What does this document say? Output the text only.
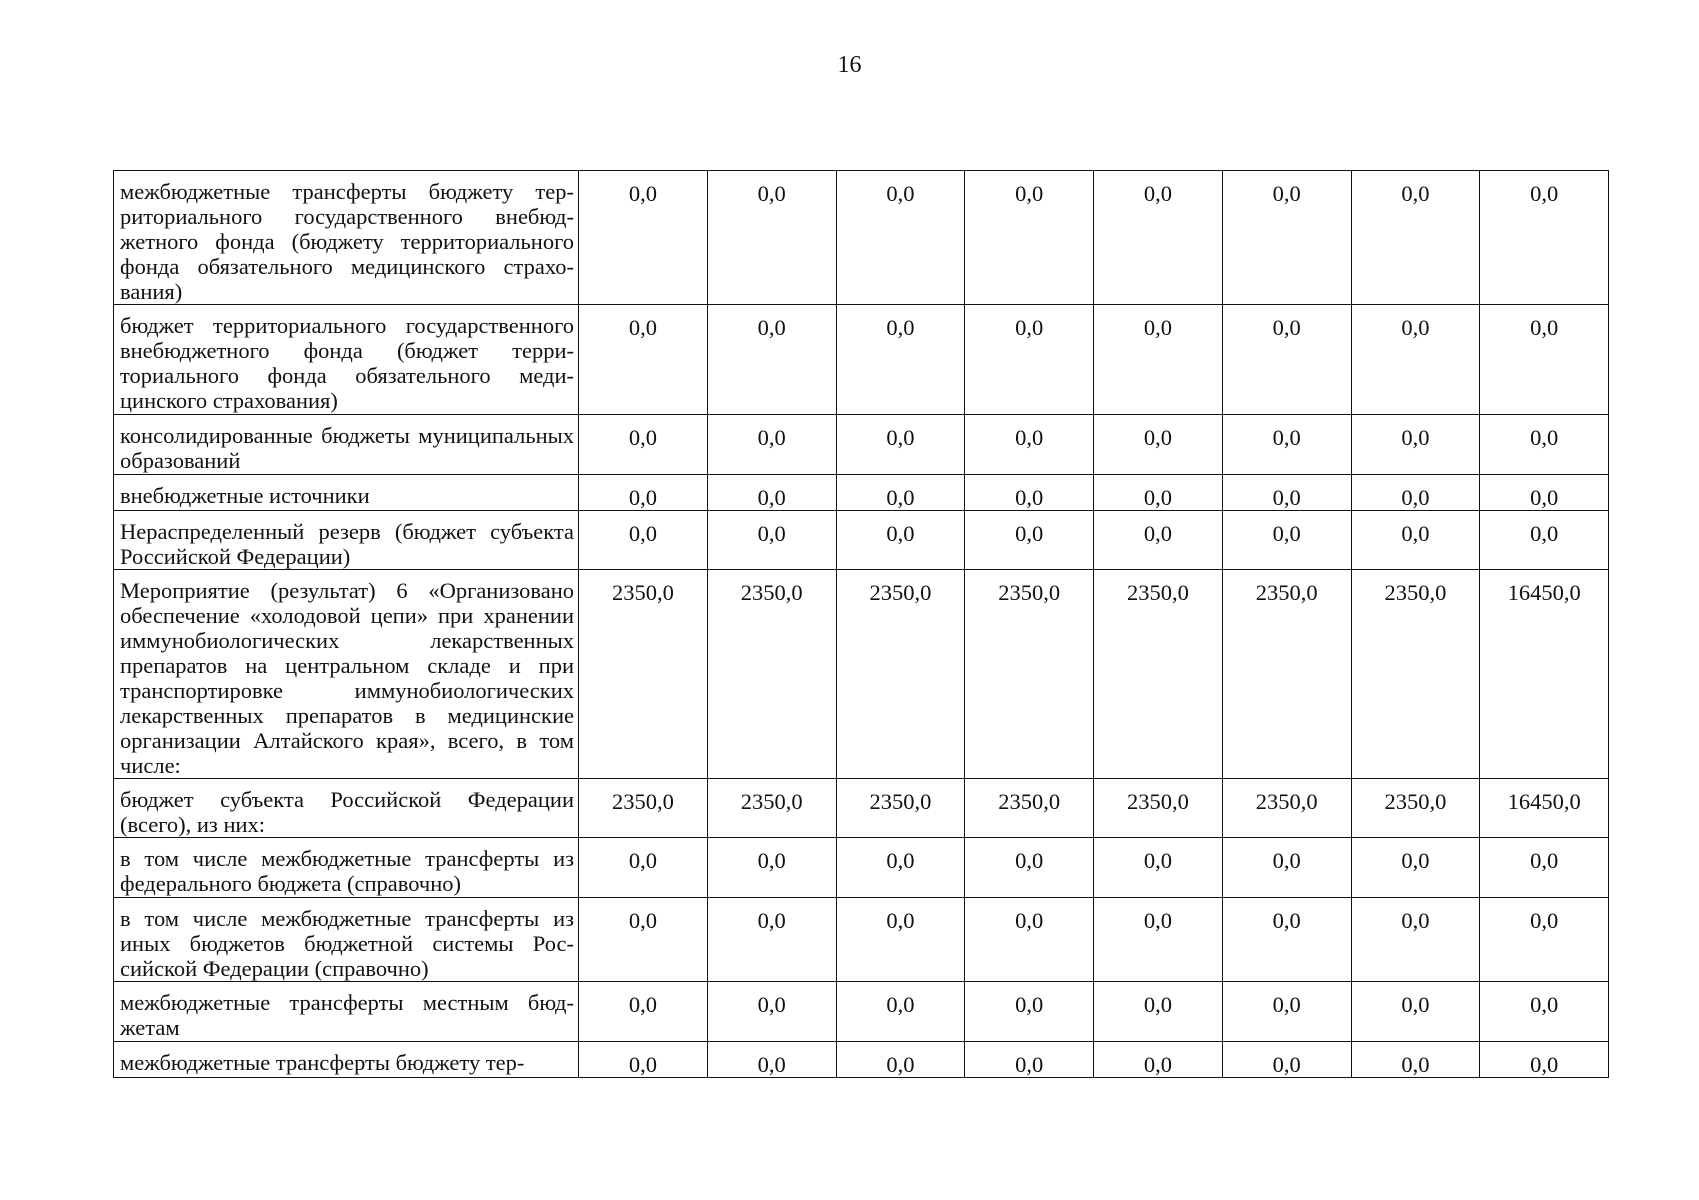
16
межбюджетные трансферты бюджету территориального государственного внебюджетного фонда (бюджету территориального фонда обязательного медицинского страхования)	0,0	0,0	0,0	0,0	0,0	0,0	0,0	0,0
бюджет территориального государственного внебюджетного фонда (бюджет территориального фонда обязательного медицинского страхования)	0,0	0,0	0,0	0,0	0,0	0,0	0,0	0,0
консолидированные бюджеты муниципальных образований	0,0	0,0	0,0	0,0	0,0	0,0	0,0	0,0
внебюджетные источники	0,0	0,0	0,0	0,0	0,0	0,0	0,0	0,0
Нераспределенный резерв (бюджет субъекта Российской Федерации)	0,0	0,0	0,0	0,0	0,0	0,0	0,0	0,0
Мероприятие (результат) 6 «Организовано обеспечение «холодовой цепи» при хранении иммунобиологических лекарственных препаратов на центральном складе и при транспортировке иммунобиологических лекарственных препаратов в медицинские организации Алтайского края», всего, в том числе:	2350,0	2350,0	2350,0	2350,0	2350,0	2350,0	2350,0	16450,0
бюджет субъекта Российской Федерации (всего), из них:	2350,0	2350,0	2350,0	2350,0	2350,0	2350,0	2350,0	16450,0
в том числе межбюджетные трансферты из федерального бюджета (справочно)	0,0	0,0	0,0	0,0	0,0	0,0	0,0	0,0
в том числе межбюджетные трансферты из иных бюджетов бюджетной системы Российской Федерации (справочно)	0,0	0,0	0,0	0,0	0,0	0,0	0,0	0,0
межбюджетные трансферты местным бюджетам	0,0	0,0	0,0	0,0	0,0	0,0	0,0	0,0
межбюджетные трансферты бюджету тер-	0,0	0,0	0,0	0,0	0,0	0,0	0,0	0,0
